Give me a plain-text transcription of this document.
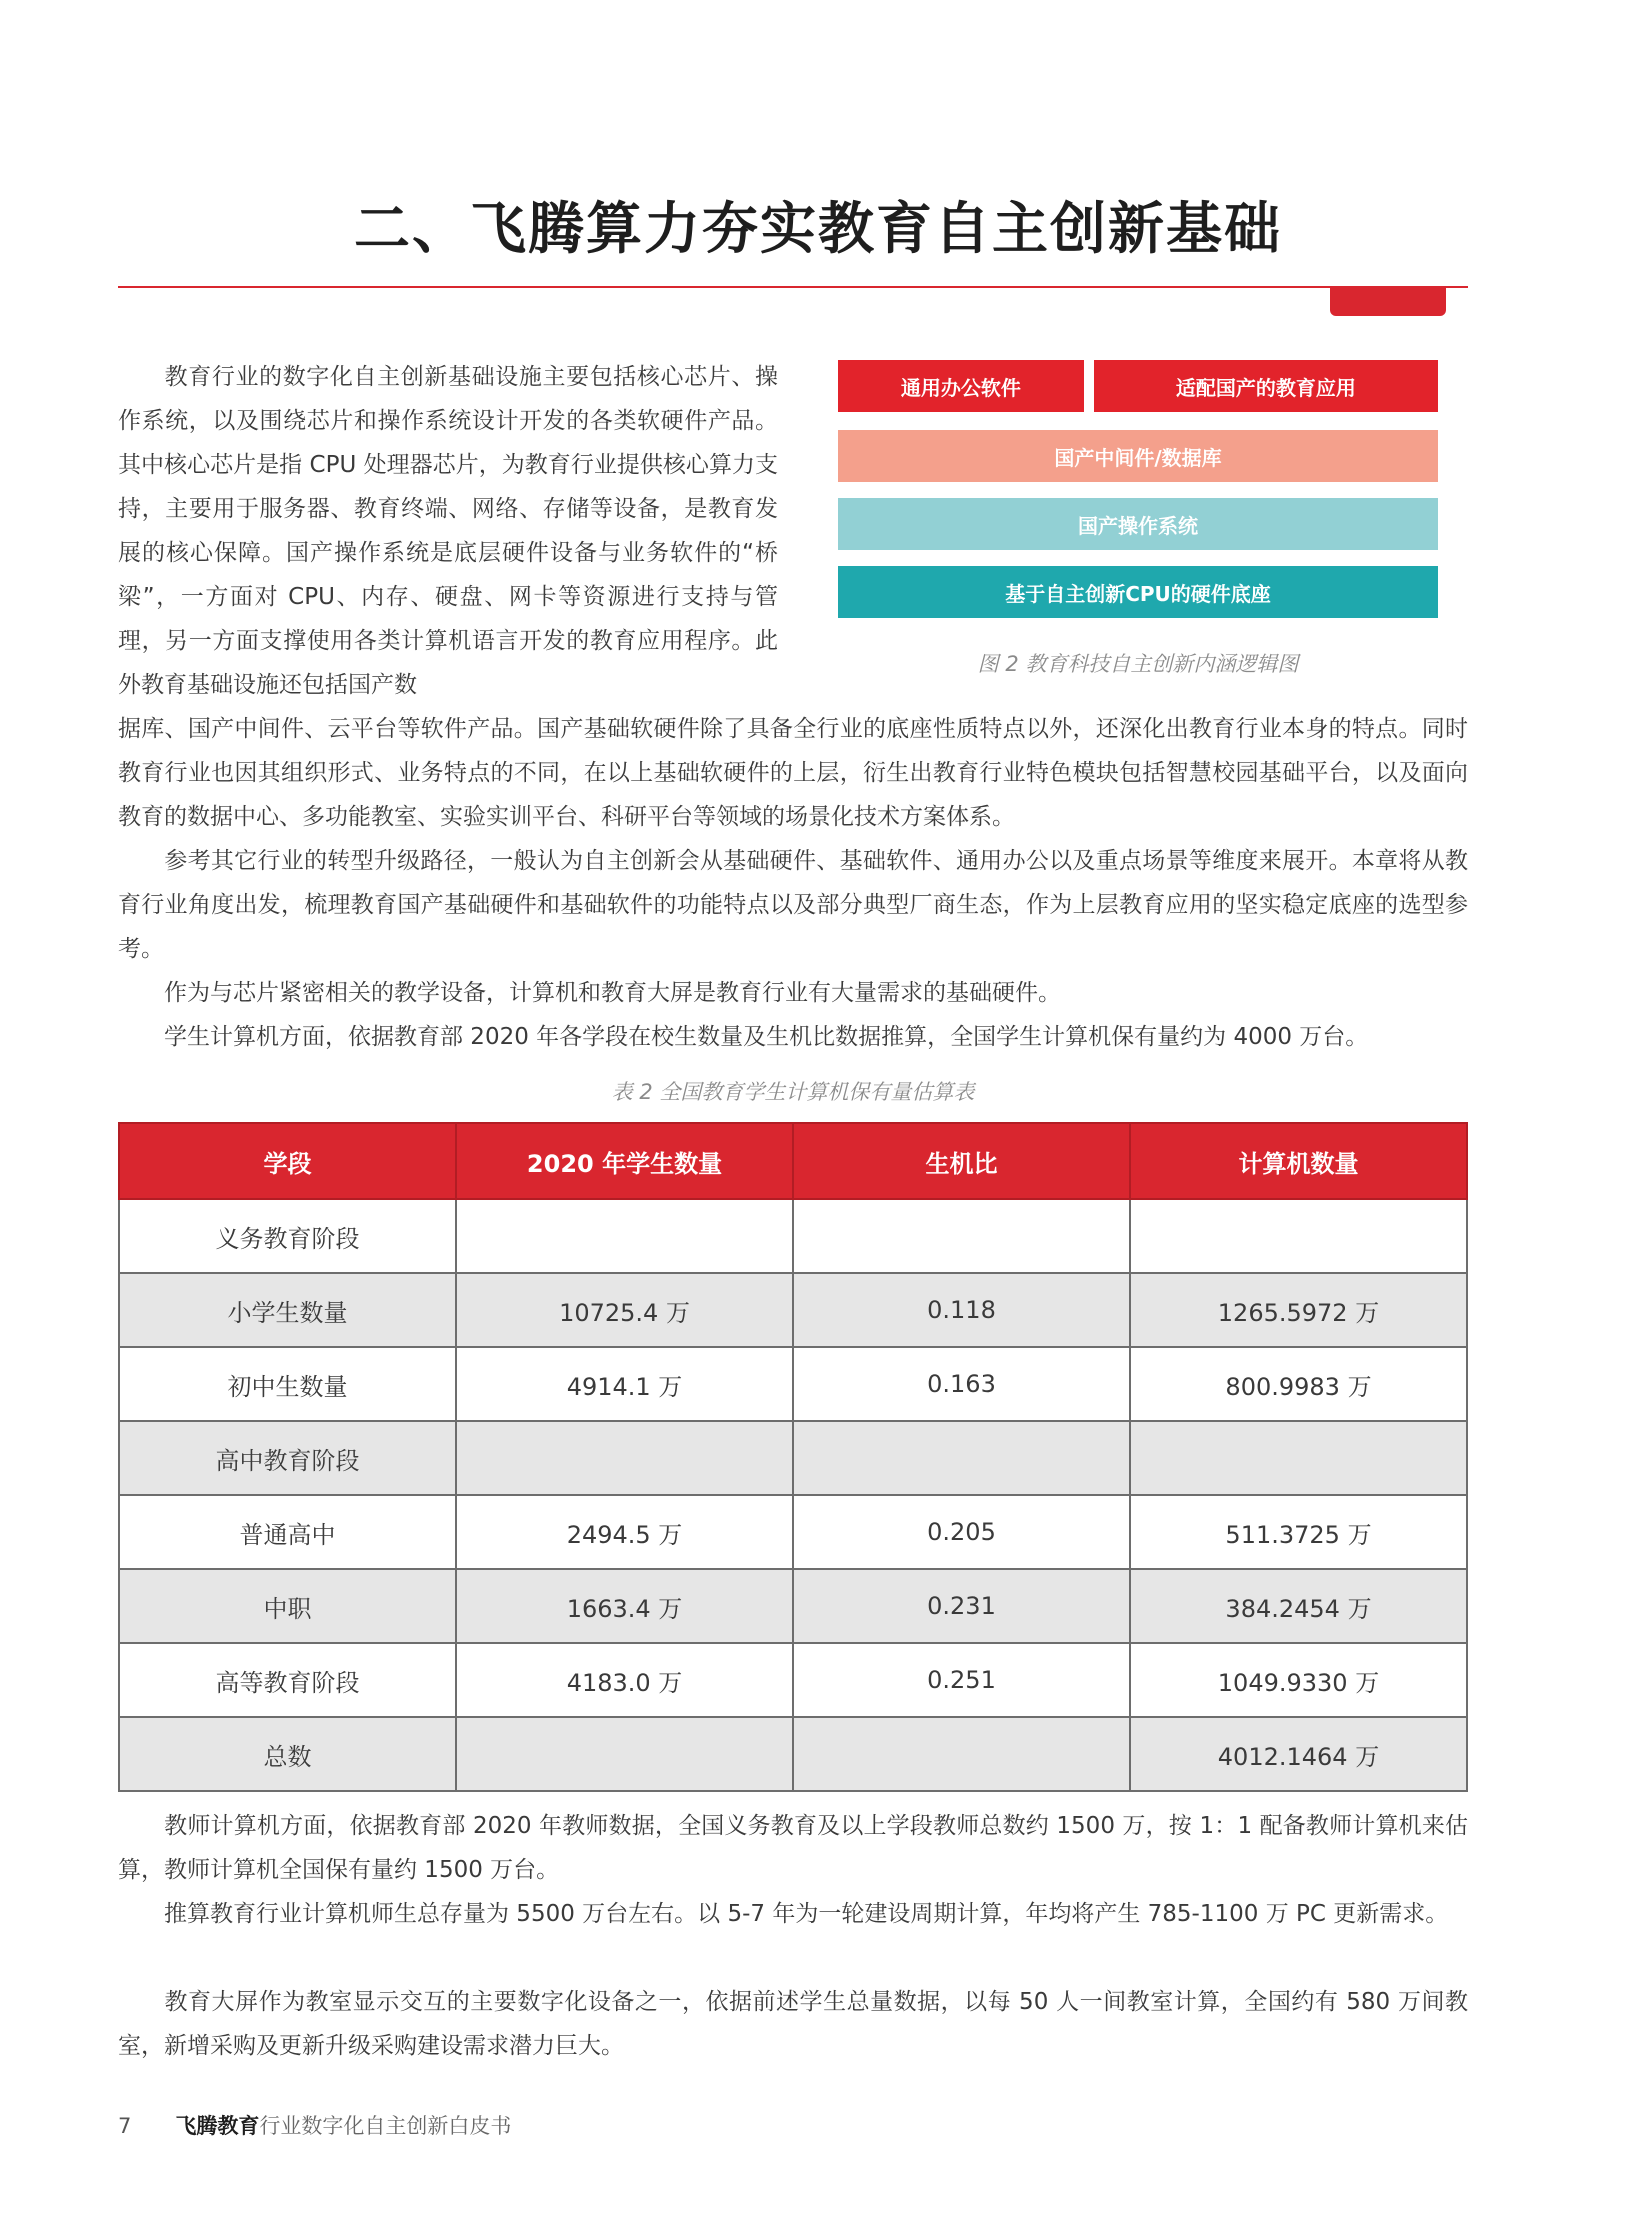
二、飞腾算力夯实教育自主创新基础

教育行业的数字化自主创新基础设施主要包括核心芯片、操作系统，以及围绕芯片和操作系统设计开发的各类软硬件产品。其中核心芯片是指 CPU 处理器芯片，为教育行业提供核心算力支持，主要用于服务器、教育终端、网络、存储等设备，是教育发展的核心保障。国产操作系统是底层硬件设备与业务软件的“桥梁”，一方面对 CPU、内存、硬盘、网卡等资源进行支持与管理，另一方面支撑使用各类计算机语言开发的教育应用程序。此外教育基础设施还包括国产数

通用办公软件	适配国产的教育应用
国产中间件/数据库
国产操作系统
基于自主创新CPU的硬件底座
图 2 教育科技自主创新内涵逻辑图

据库、国产中间件、云平台等软件产品。国产基础软硬件除了具备全行业的底座性质特点以外，还深化出教育行业本身的特点。同时教育行业也因其组织形式、业务特点的不同，在以上基础软硬件的上层，衍生出教育行业特色模块包括智慧校园基础平台，以及面向教育的数据中心、多功能教室、实验实训平台、科研平台等领域的场景化技术方案体系。

参考其它行业的转型升级路径，一般认为自主创新会从基础硬件、基础软件、通用办公以及重点场景等维度来展开。本章将从教育行业角度出发，梳理教育国产基础硬件和基础软件的功能特点以及部分典型厂商生态，作为上层教育应用的坚实稳定底座的选型参考。

作为与芯片紧密相关的教学设备，计算机和教育大屏是教育行业有大量需求的基础硬件。

学生计算机方面，依据教育部 2020 年各学段在校生数量及生机比数据推算，全国学生计算机保有量约为 4000 万台。

表 2 全国教育学生计算机保有量估算表
学段	2020 年学生数量	生机比	计算机数量
义务教育阶段			
小学生数量	10725.4 万	0.118	1265.5972 万
初中生数量	4914.1 万	0.163	800.9983 万
高中教育阶段			
普通高中	2494.5 万	0.205	511.3725 万
中职	1663.4 万	0.231	384.2454 万
高等教育阶段	4183.0 万	0.251	1049.9330 万
总数			4012.1464 万

教师计算机方面，依据教育部 2020 年教师数据，全国义务教育及以上学段教师总数约 1500 万，按 1：1 配备教师计算机来估算，教师计算机全国保有量约 1500 万台。

推算教育行业计算机师生总存量为 5500 万台左右。以 5-7 年为一轮建设周期计算，年均将产生 785-1100 万 PC 更新需求。

教育大屏作为教室显示交互的主要数字化设备之一，依据前述学生总量数据，以每 50 人一间教室计算，全国约有 580 万间教室，新增采购及更新升级采购建设需求潜力巨大。

7 飞腾教育行业数字化自主创新白皮书
